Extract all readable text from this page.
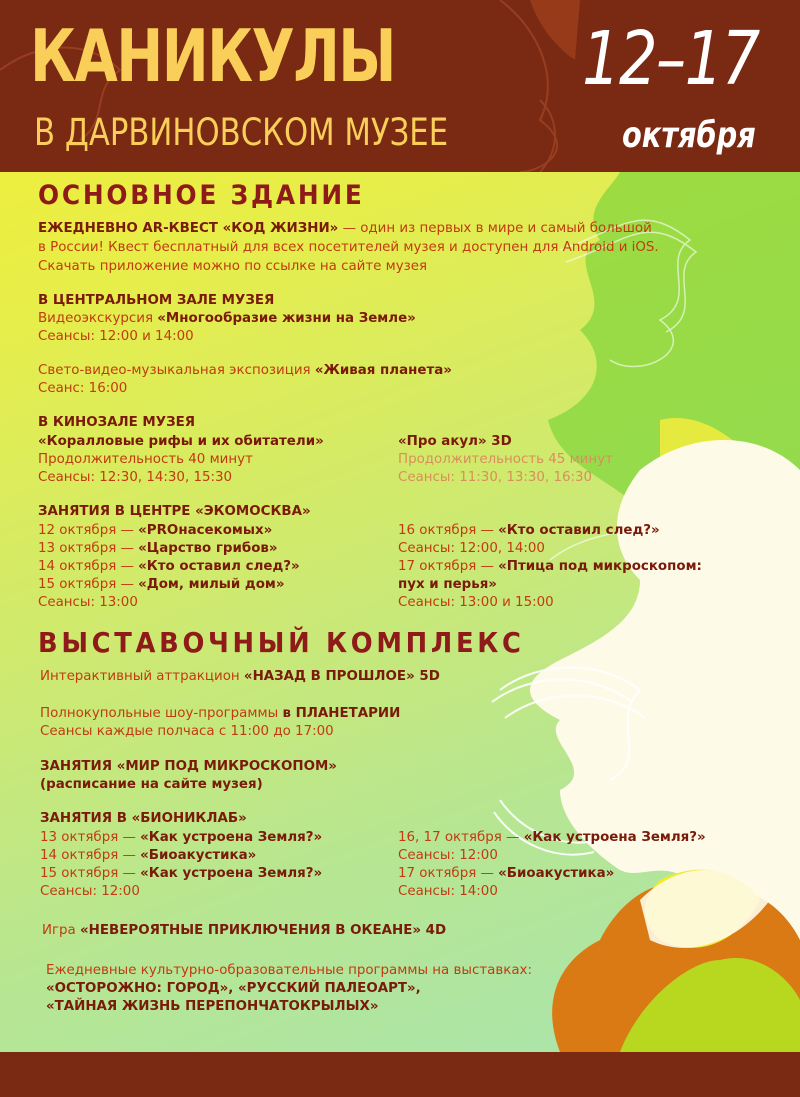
КАНИКУЛЫ
В ДАРВИНОВСКОМ МУЗЕЕ
12–17
октября
ОСНОВНОЕ ЗДАНИЕ
ЕЖЕДНЕВНО AR-КВЕСТ «КОД ЖИЗНИ» — один из первых в мире и самый большой
в России! Квест бесплатный для всех посетителей музея и доступен для Android и iOS.
Скачать приложение можно по ссылке на сайте музея
В ЦЕНТРАЛЬНОМ ЗАЛЕ МУЗЕЯ
Видеоэкскурсия «Многообразие жизни на Земле»
Сеансы: 12:00 и 14:00
Свето-видео-музыкальная экспозиция «Живая планета»
Сеанс: 16:00
В КИНОЗАЛЕ МУЗЕЯ
«Коралловые рифы и их обитатели»
Продолжительность 40 минут
Сеансы: 12:30, 14:30, 15:30
«Про акул» 3D
Продолжительность 45 минут
Сеансы: 11:30, 13:30, 16:30
ЗАНЯТИЯ В ЦЕНТРЕ «ЭКОМОСКВА»
12 октября — «PROнасекомых»
13 октября — «Царство грибов»
14 октября — «Кто оставил след?»
15 октября — «Дом, милый дом»
Сеансы: 13:00
16 октября — «Кто оставил след?»
Сеансы: 12:00, 14:00
17 октября — «Птица под микроскопом:
пух и перья»
Сеансы: 13:00 и 15:00
ВЫСТАВОЧНЫЙ КОМПЛЕКС
Интерактивный аттракцион «НАЗАД В ПРОШЛОЕ» 5D
Полнокупольные шоу-программы в ПЛАНЕТАРИИ
Сеансы каждые полчаса с 11:00 до 17:00
ЗАНЯТИЯ «МИР ПОД МИКРОСКОПОМ»
(расписание на сайте музея)
ЗАНЯТИЯ В «БИОНИКЛАБ»
13 октября — «Как устроена Земля?»
14 октября — «Биоакустика»
15 октября — «Как устроена Земля?»
Сеансы: 12:00
16, 17 октября — «Как устроена Земля?»
Сеансы: 12:00
17 октября — «Биоакустика»
Сеансы: 14:00
Игра «НЕВЕРОЯТНЫЕ ПРИКЛЮЧЕНИЯ В ОКЕАНЕ» 4D
Ежедневные культурно-образовательные программы на выставках:
«ОСТОРОЖНО: ГОРОД», «РУССКИЙ ПАЛЕОАРТ»,
«ТАЙНАЯ ЖИЗНЬ ПЕРЕПОНЧАТОКРЫЛЫХ»
